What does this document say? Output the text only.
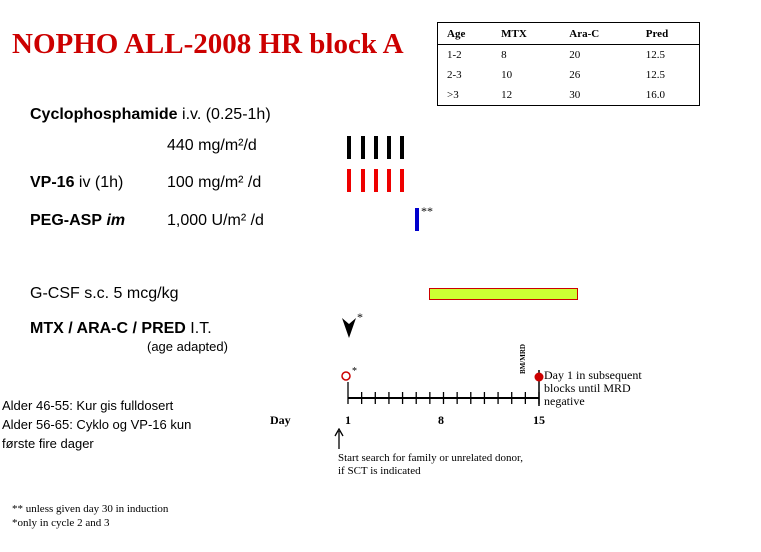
NOPHO ALL-2008 HR block A	Age	MTX	Ara-C	Pred
1-2	8	20	12.5
2-3	10	26	12.5
>3	12	30	16.0
Cyclophosphamide i.v. (0.25-1h)
440 mg/m²/d
VP-16 iv (1h)	100 mg/m² /d
PEG-ASP im	1,000 U/m² /d
**
G-CSF s.c. 5 mcg/kg
MTX / ARA-C / PRED I.T.
(age adapted)
*
*	BM/MRD
Day	1	8	15
Day 1 in subsequent
blocks until MRD
negative
Start search for family or unrelated donor,
if SCT is indicated
Alder 46-55: Kur gis fulldosert
Alder 56-65: Cyklo og VP-16 kun
første fire dager
** unless given day 30 in induction
*only in cycle 2 and 3
